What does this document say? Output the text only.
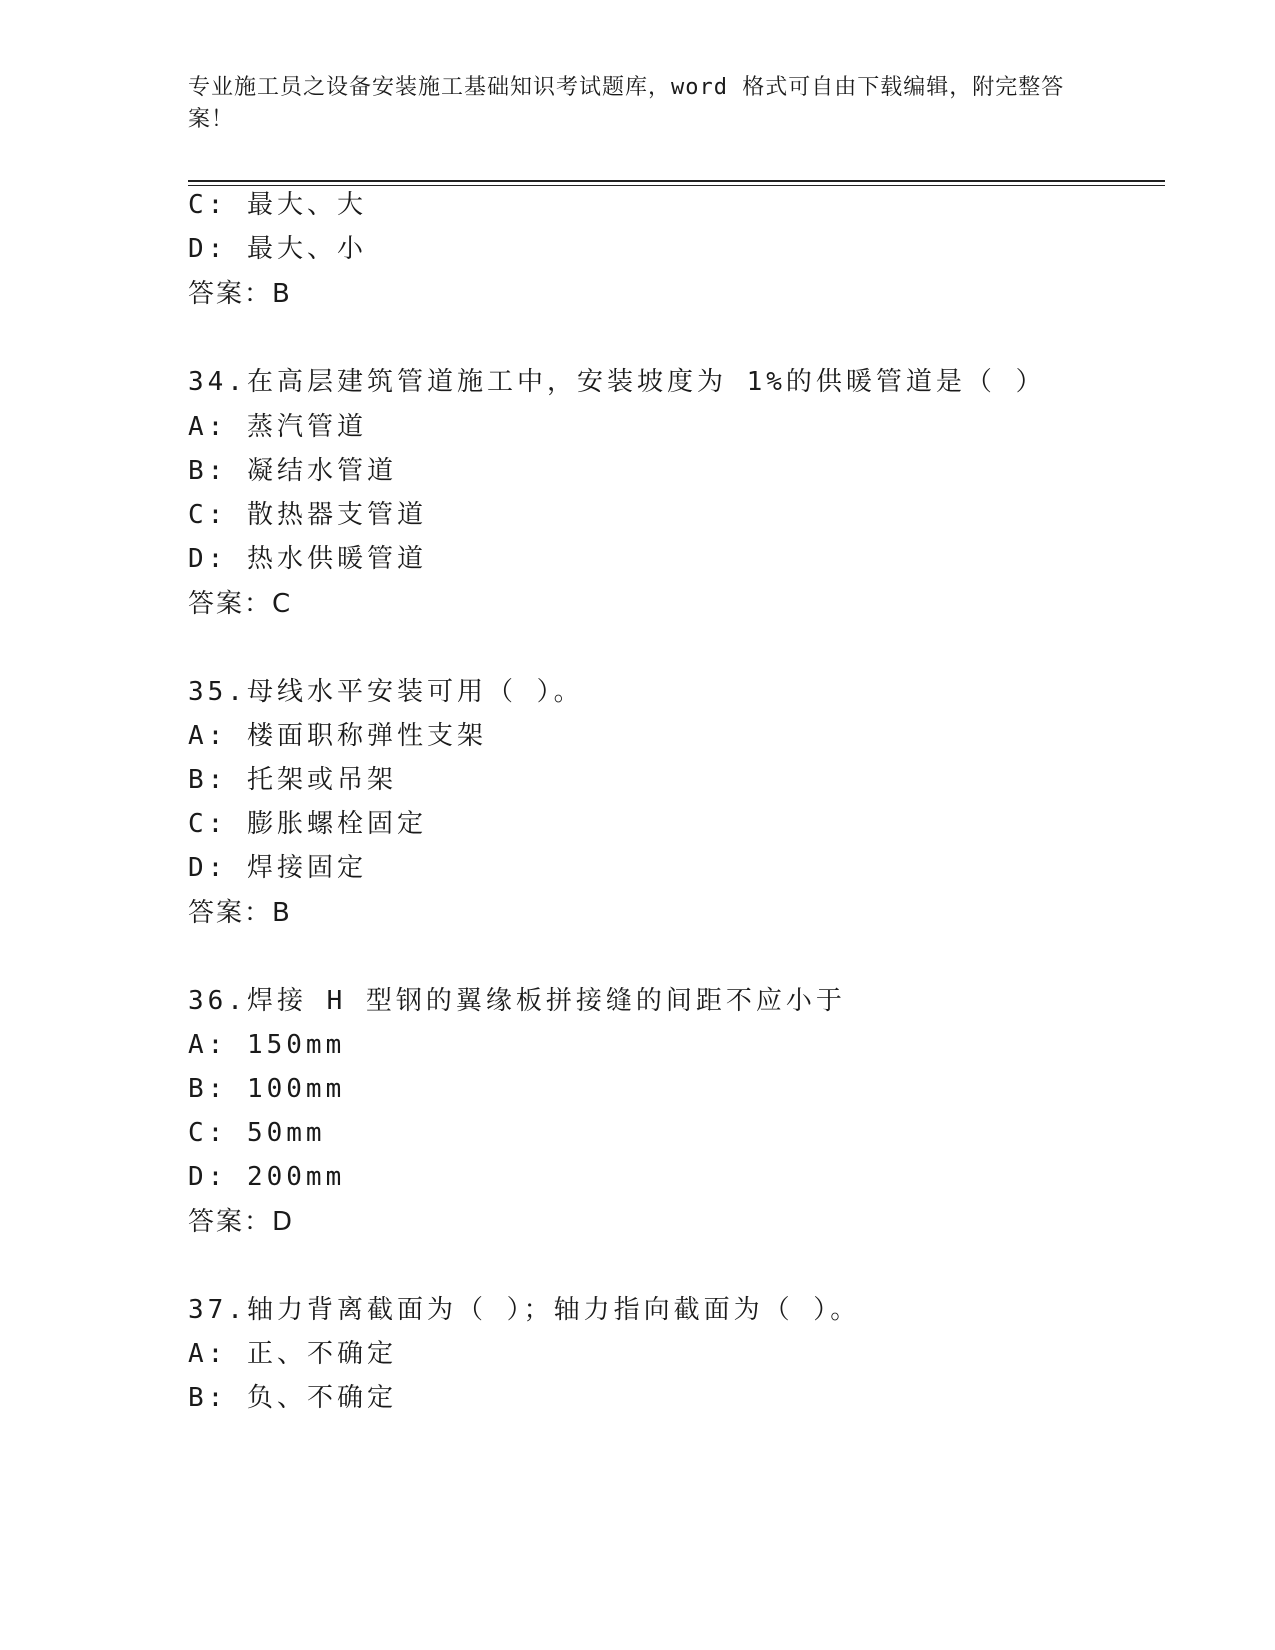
专业施工员之设备安装施工基础知识考试题库，word 格式可自由下载编辑，附完整答案！
C: 最大、大
D: 最大、小
答案：B
34.在高层建筑管道施工中，安装坡度为 1%的供暖管道是（ ）
A: 蒸汽管道
B: 凝结水管道
C: 散热器支管道
D: 热水供暖管道
答案：C
35.母线水平安装可用（ ）。
A: 楼面职称弹性支架
B: 托架或吊架
C: 膨胀螺栓固定
D: 焊接固定
答案：B
36.焊接 H 型钢的翼缘板拼接缝的间距不应小于
A: 150mm
B: 100mm
C: 50mm
D: 200mm
答案：D
37.轴力背离截面为（ ）；轴力指向截面为（ ）。
A: 正、不确定
B: 负、不确定
